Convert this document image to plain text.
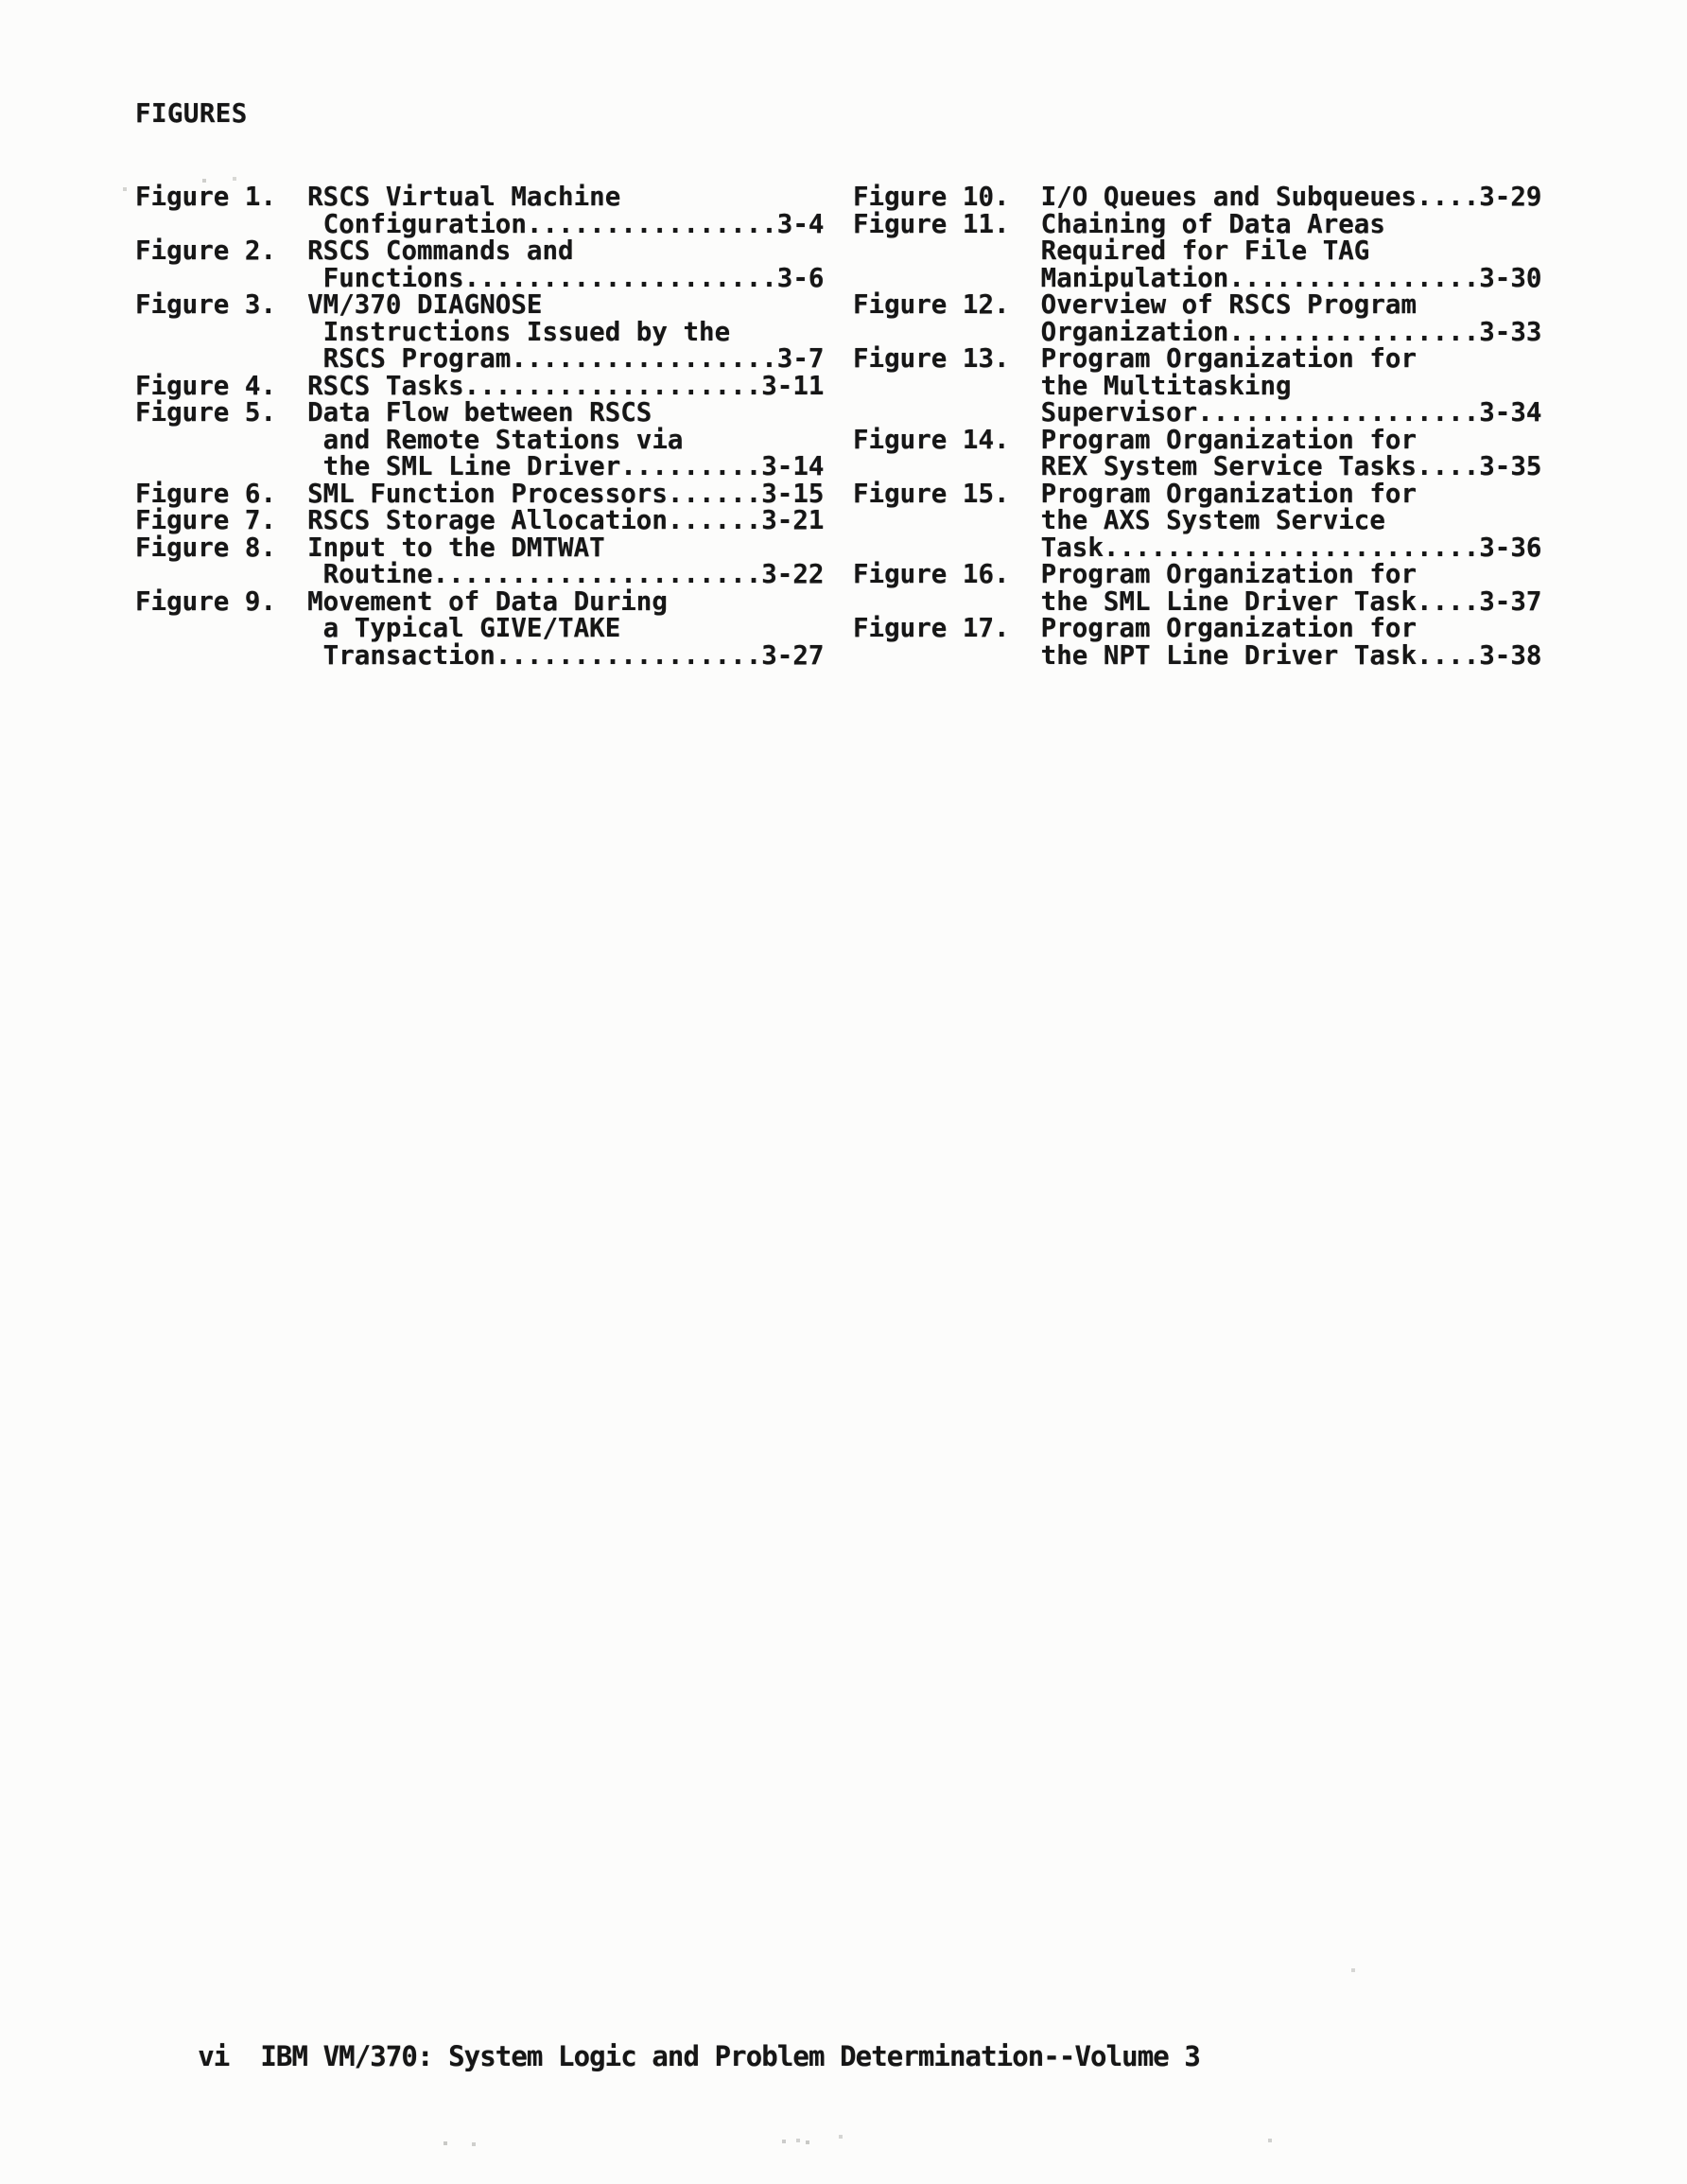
FIGURES
Figure 1.  RSCS Virtual Machine
Configuration................3-4
Figure 2.  RSCS Commands and
Functions....................3-6
Figure 3.  VM/370 DIAGNOSE
Instructions Issued by the
RSCS Program.................3-7
Figure 4.  RSCS Tasks...................3-11
Figure 5.  Data Flow between RSCS
and Remote Stations via
the SML Line Driver.........3-14
Figure 6.  SML Function Processors......3-15
Figure 7.  RSCS Storage Allocation......3-21
Figure 8.  Input to the DMTWAT
Routine.....................3-22
Figure 9.  Movement of Data During
a Typical GIVE/TAKE
Transaction.................3-27
Figure 10.  I/O Queues and Subqueues....3-29
Figure 11.  Chaining of Data Areas
Required for File TAG
Manipulation................3-30
Figure 12.  Overview of RSCS Program
Organization................3-33
Figure 13.  Program Organization for
the Multitasking
Supervisor..................3-34
Figure 14.  Program Organization for
REX System Service Tasks....3-35
Figure 15.  Program Organization for
the AXS System Service
Task........................3-36
Figure 16.  Program Organization for
the SML Line Driver Task....3-37
Figure 17.  Program Organization for
the NPT Line Driver Task....3-38

vi IBM VM/370: System Logic and Problem Determination--Volume 3
